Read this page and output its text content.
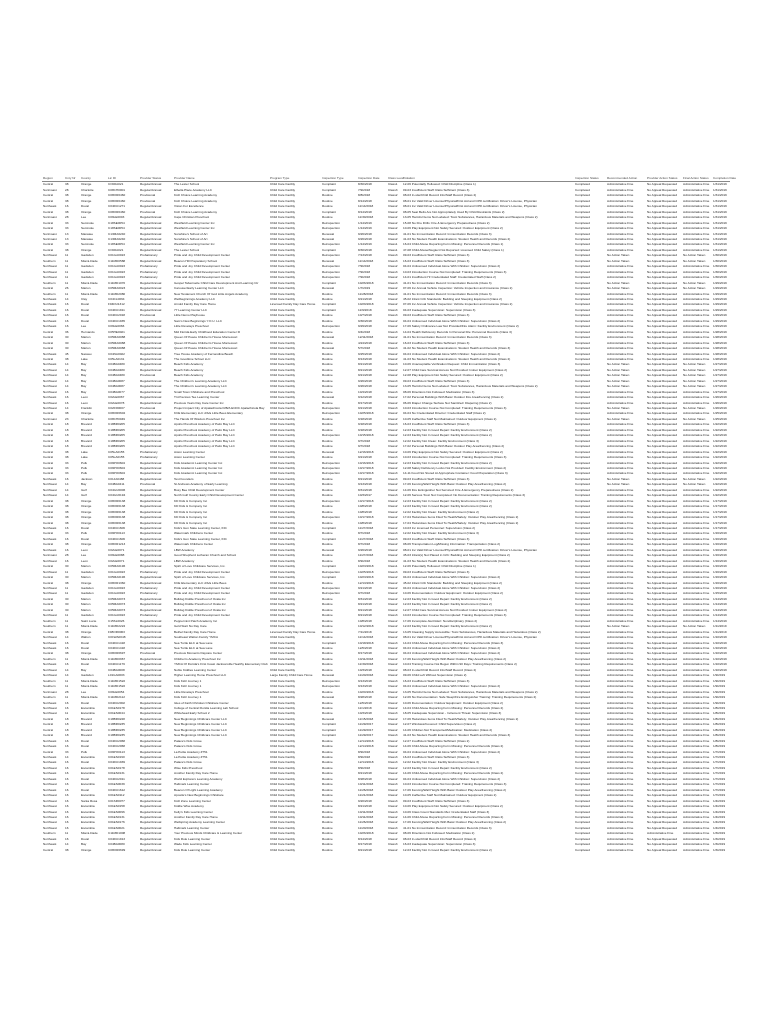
Region	Cnty Nr	County	Lic ID	Provider Status	Provider Name	Program Type	Inspection Type	Inspection Date	Class Level	Violation	Inspection Status	Recommended Action	Provider Action Status	Final Action Status	Completion Date
Central	38	Orange	CO00A021	Regular/Annual	The Lester School	Child Care Facility	Complaint	8/30/2018	Class1	12-06 Potentially Hollowed: Child Discipline (Class 1)	Completed	Administrative Fine	No Appeal Requested	Administrative Fine	1/31/2019
SunCoast	28	Charlotte	C08CH0001	Regular/Annual	Elbella Place Academy LLC	Child Care Facility	Complaint	7/9/2018	Class3	09-03 Insufficient Staff: Ratio Sufficient (Class 3)	Completed	Administrative Fine	No Appeal Requested	Administrative Fine	1/31/2019
Central	38	Orange	C08OR0460	Provisional	Kidz Choice Learning Academy	Child Care Facility	Routine	8/8/2018	Class2	08-03 In-site/Child Record Info/Staff Record (Class 2)	Completed	Administrative Fine	No Appeal Requested	Administrative Fine	1/31/2019
Central	38	Orange	C08OR0460	Provisional	Kidz Choice Learning Academy	Child Care Facility	Routine	8/14/2018	Class2	08-01 Inc Valid Driver License/Physical/First Aid and CPR certification: Driver's License, Physician	Completed	Administrative Fine	No Appeal Requested	Administrative Fine	1/31/2019
Northeast	16	Duval	C04DU1271	Regular/Annual	Vision For Excellence	Child Care Facility	Routine	11/14/2018	Class2	08-01 Inc Valid Driver License/Physical/First Aid and CPR certification: Driver's License, Physician	Completed	Administrative Fine	No Appeal Requested	Administrative Fine	1/31/2019
Central	38	Orange	C08OR0460	Provisional	Kidz Choice Learning Academy	Child Care Facility	Complaint	8/14/2018	Class2	08-05 Seat Belts Are Not Appropriately Used By Child Restraints (Class 2)	Completed	Administrative Fine	No Appeal Requested	Administrative Fine	1/31/2019
SunCoast	28	Lee	C09LE0003	Regular/Annual	Cape Christian Preschool	Child Care Facility	Routine	11/30/2018	Class2	13-05 Harmful Items Not Labeled: Toxic Substances, Hazardous Materials and Weapons (Class 2)	Completed	Administrative Fine	No Appeal Requested	Administrative Fine	1/31/2019
Central	33	Seminole	C18SE0054	Regular/Annual	Westfield Learning Center Inc	Child Care Facility	Reinspection	1/14/2019	Class2	15-08 No Fire Drills: Fire & Emergency Preparedness (Class 2)	Completed	Administrative Fine	No Appeal Requested	Administrative Fine	1/31/2019
Central	33	Seminole	C18SE0054	Regular/Annual	Westfield Learning Center Inc	Child Care Facility	Reinspection	1/14/2019	Class2	10-06 Play Equipment Not Safely Secured: Outdoor Equipment (Class 2)	Completed	Administrative Fine	No Appeal Requested	Administrative Fine	1/31/2019
SunCoast	13	Manatee	C13MA0240	Regular/Annual	Sunshine's School of Art	Child Care Facility	Renewal	9/26/2018	Class3	41-01 No Immunization Record: Immunization Records (Class 3)	Completed	Administrative Fine	No Appeal Requested	Administrative Fine	1/31/2019
SunCoast	13	Manatee	C13MA0240	Regular/Annual	Sunshine's School of Art	Child Care Facility	Renewal	9/26/2018	Class2	41-03 No Student Health Examinations: Student Health and Records (Class 2)	Completed	Administrative Fine	No Appeal Requested	Administrative Fine	1/31/2019
Central	33	Seminole	C18SE0054	Regular/Annual	Westfield Learning Center Inc	Child Care Facility	Reinspection	1/14/2019	Class1	16-04 Child Abuse Reporting Form Missing: Personnel Records (Class 1)	Completed	Administrative Fine	No Appeal Requested	Administrative Fine	1/31/2019
Central	38	Orange	CO00A021	Regular/Annual	The Lester School	Child Care Facility	Complaint	8/30/2018	Class1	47-08 Child Abuse/Neglect Not Reported: Licensed Child Safety (Class 1)	Completed	Administrative Fine	No Appeal Requested	Administrative Fine	1/31/2019
Northwest	11	Gadsden	C01GA0023	Probationary	Pride and Joy Child Development Center	Child Care Facility	Reinspection	7/13/2018	Class3	09-03 Insufficient Staff: Ratio Sufficient (Class 3)	Completed	No Action Taken	No Appeal Requested	No Action Taken	1/30/2019
Southern	11	Miami-Dade	C11MD0588	Regular/Annual	Beacon Hill Preparatory School	Child Care Facility	Renewal	11/14/2018	Class3	16-03 Insufficient Staff: Ratio Sufficient (Class 3)	Completed	No Action Taken	No Appeal Requested	No Action Taken	1/30/2019
Northwest	11	Gadsden	C01GA0023	Probationary	Pride and Joy Child Development Center	Child Care Facility	Reinspection	7/9/2018	Class2	04-04 Unlicensed Individual Alone With Children: Supervision (Class 2)	Completed	Administrative Fine	No Appeal Requested	Administrative Fine	1/30/2019
Northwest	11	Gadsden	C01GA0023	Probationary	Pride and Joy Child Development Center	Child Care Facility	Reinspection	7/9/2018	Class3	10-03 Introduction Course Not Completed: Training Requirements (Class 3)	Completed	Administrative Fine	No Appeal Requested	Administrative Fine	1/30/2019
Northwest	11	Gadsden	C01GA0023	Probationary	Pride and Joy Child Development Center	Child Care Facility	Reinspection	7/9/2018	Class2	14-01 Insufficient Hr Credentialed Staff: Credentialed Staff (Class 2)	Completed	Administrative Fine	No Appeal Requested	Administrative Fine	1/30/2019
Southern	11	Miami-Dade	C11MD1070	Regular/Annual	Gospel Tabernacle Child Care Development And Learning Ctr	Child Care Facility	Complaint	10/26/2018	Class3	41-01 No Immunization Record: Immunization Records (Class 3)	Completed	No Action Taken	No Appeal Requested	No Action Taken	1/29/2019
Central	26	Marion	C05MA0023	Regular/Annual	Carousel Early Learning Center LLC	Child Care Facility	Renewal	1/7/2019	Class2	07-06 Inc Annual Vehicle Inspection: Vehicle Inspection and Insurance (Class 2)	Completed	No Action Taken	No Appeal Requested	No Action Taken	1/29/2019
Southern	11	Miami-Dade	C11MD2080	Regular/Annual	New Testament Church Of God Little Angels Academy	Child Care Facility	Routine	11/28/2018	Class3	41-01 No Immunization Record: Immunization Records (Class 3)	Completed	Administrative Fine	No Appeal Requested	Administrative Fine	1/29/2019
Northeast	14	Clay	C04CL0064	Regular/Annual	Wellbeginnings Academy LLC	Child Care Facility	Routine	9/21/2018	Class2	45-02 Infant Crib Standards: Bedding and Sleeping Equipment (Class 2)	Completed	Administrative Fine	No Appeal Requested	Administrative Fine	1/29/2019
Northeast	16	Duval	F04DU1312	Regular/Annual	Arnold Family Day Care Home	Licensed Family Day Care Home	Complaint	10/29/2018	Class2	07-06 Inc Annual Vehicle Inspection: Vehicle Inspection and Insurance (Class 2)	Completed	Administrative Fine	No Appeal Requested	Administrative Fine	1/29/2019
Northeast	16	Duval	C04DU1911	Regular/Annual	77 Learning Center LLC	Child Care Facility	Complaint	11/9/2018	Class3	04-03 Inadequate Supervision: Supervision (Class 3)	Completed	Administrative Fine	No Appeal Requested	Administrative Fine	1/29/2019
Northwest	16	Duval	C04DU2018	Provisional	Little Nemo Playhouse	Child Care Facility	Routine	10/7/2018	Class3	09-03 Insufficient Staff: Ratio Sufficient (Class 3)	Completed	Administrative Fine	No Appeal Requested	Administrative Fine	1/29/2019
Northeast	16	Duval	C04DU1935	Regular/Annual	Sam's New Beginnings Y.O.U. LLC	Child Care Facility	Routine	9/30/2018	Class2	04-04 Unlicensed Individual Alone With Children: Supervision (Class 2)	Completed	Administrative Fine	No Appeal Requested	Administrative Fine	1/29/2019
Northeast	16	Lee	C09LE0066	Regular/Annual	Little Revelays Preschool	Child Care Facility	Reinspection	9/29/2018	Class2	17-06 Safety Ordinance Law Not Provided/Fire Alarm: Facility Environment (Class 2)	Completed	Administrative Fine	No Appeal Requested	Administrative Fine	1/29/2019
Central	36	Hernando	C05HE0021	Regular/Annual	Mid Florida Early Childhood Education Center III	Child Care Facility	Routine	9/4/2018	Class3	14-04 Health Deficiency Records In Personal File: Personnel Records (Class 3)	Completed	Administrative Fine	No Appeal Requested	Administrative Fine	1/28/2019
Central	30	Marion	C05MA0088	Regular/Annual	Queen Of Peace Children's House Montessori	Child Care Facility	Renewal	12/11/2018	Class2	41-01 No Immunization Record: Immunization Records (Class 3)	Completed	Administrative Fine	No Appeal Requested	Administrative Fine	1/28/2019
Central	30	Marion	C05MA0088	Regular/Annual	Queen Of Peace Children's House Montessori	Child Care Facility	Routine	4/24/2018	Class2	16-03 Insufficient Staff: Ratio Sufficient (Class 3)	Completed	Administrative Fine	No Appeal Requested	Administrative Fine	1/28/2019
Central	30	Marion	C05MA0088	Regular/Annual	Queen Of Peace Children's House Montessori	Child Care Facility	Renewal	5/7/2018	Class3	41-02 No Student Health Examinations: Student Health and Records (Class 3)	Completed	Administrative Fine	No Appeal Requested	Administrative Fine	1/28/2019
Northeast	45	Nassau	C04NA0022	Regular/Annual	Tree House Academy of Fernandina Beach	Child Care Facility	Routine	9/25/2018	Class2	04-04 Unlicensed Individual Alone With Children: Supervision (Class 2)	Completed	Administrative Fine	No Appeal Requested	Administrative Fine	1/28/2019
Central	38	Lake	C05LA0131	Regular/Annual	The Goodtime School LLC	Child Care Facility	Routine	8/13/2018	Class2	41-03 No Student Health Examinations: Student Health and Records (Class 2)	Completed	Administrative Fine	No Appeal Requested	Administrative Fine	1/28/2019
Northeast	14	Bay	C04BA0480	Regular/Annual	Beach Kids Academy	Child Care Facility	Routine	8/21/2018	Class3	10-06 Unacceptable Verification Request: Child Immunization (Class 3)	Completed	No Action Taken	No Appeal Requested	No Action Taken	1/27/2019
Northwest	14	Bay	C04BA0480	Regular/Annual	Beach Kids Academy	Child Care Facility	Routine	8/21/2018	Class2	12-07 Child Care Survival Access Not Provided: Indoor Equipment (Class 2)	Completed	No Action Taken	No Appeal Requested	No Action Taken	1/27/2019
Northwest	14	Bay	C04BA0480	Provisional	Beach Kids Academy	Child Care Facility	Routine	9/21/2018	Class2	12-08 Play Equipment Not Safely Secured: Outdoor Equipment (Class 2)	Completed	No Action Taken	No Appeal Requested	No Action Taken	1/27/2019
Northwest	14	Bay	C04BA0087	Regular/Annual	The Children's Learning Academy LLC	Child Care Facility	Routine	9/26/2018	Class3	09-03 Insufficient Staff: Ratio Sufficient (Class 3)	Completed	No Action Taken	No Appeal Requested	No Action Taken	1/27/2019
Northwest	14	Bay	C04BA0087	Regular/Annual	The Children's Learning Academy LLC	Child Care Facility	Routine	9/26/2018	Class2	13-05 Harmful Items Not Labeled: Toxic Substances, Hazardous Materials and Weapons (Class 2)	Completed	No Action Taken	No Appeal Requested	No Action Taken	1/27/2019
Northwest	16	Bay	C04BA0077	Regular/Annual	Small Town Childcare and Preschool	Child Care Facility	Routine	10/4/2018	Class3	08-06 Directions Not Followed: Medication (Class 3)	Completed	Administrative Fine	No Appeal Requested	Administrative Fine	1/27/2019
Northeast	16	Leon	C02LE0067	Regular/Annual	Tri-Precious Tee Learning Center	Child Care Facility	Renewal	9/12/2018	Class2	17-02 Personal Buildings With Basic Outdoor Fire Area/Fencing (Class 2)	Completed	Administrative Fine	No Appeal Requested	Administrative Fine	1/26/2019
Northwest	16	Leon	C02LE0078	Regular/Annual	Precious Years Day Care Center Inc	Child Care Facility	Routine	8/17/2018	Class2	06-06 Diaper Change Surface Not Sanitized: Diapering (Class 2)	Completed	Administrative Fine	No Appeal Requested	Administrative Fine	1/26/2019
Northwest	14	Franklin	C02FR0007	Provisional	Project Impact City of Apalachicola D/B/A ECDC Apalachicola Bay	Child Care Facility	Reinspection	9/21/2018	Class3	10-03 Introduction Course Not Completed: Training Requirements (Class 3)	Completed	No Action Taken	No Appeal Requested	No Action Taken	1/26/2019
Central	38	Orange	C08OR0602	Regular/Annual	KCE Elementary LLC d/b/a Little Bees Elementary	Child Care Facility	Reinspection	10/25/2018	Class2	04-04 No Credentialed Director: Credentialed Staff (Class 2)	Completed	Administrative Fine	No Appeal Requested	Administrative Fine	1/25/2019
SunCoast	23	Charlotte	C08CH0049	Regular/Annual	The Hands Of Wisdom Preschool Inc	Child Care Facility	Routine	9/18/2018	Class2	10-05 Inaffective Staff Not Maintained: Outdoor Equipment (Class 2)	Completed	No Action Taken	No Appeal Requested	No Action Taken	1/25/2019
Central	18	Brevard	C18BR0205	Regular/Annual	Apollo Preschool Academy of Palm Bay LLC	Child Care Facility	Routine	9/18/2018	Class3	16-03 Insufficient Staff: Ratio Sufficient (Class 3)	Completed	Administrative Fine	No Appeal Requested	Administrative Fine	1/22/2019
Central	18	Brevard	C18BR0205	Regular/Annual	Apollo Preschool Academy of Palm Bay LLC	Child Care Facility	Routine	9/18/2018	Class2	12-03 Facility Not In Good Repair: Facility Environment (Class 2)	Completed	Administrative Fine	No Appeal Requested	Administrative Fine	1/22/2019
Central	18	Brevard	C18BR0205	Regular/Annual	Apollo Preschool Academy of Palm Bay LLC	Child Care Facility	Reinspection	10/15/2018	Class2	12-03 Facility Not In Good Repair: Facility Environment (Class 2)	Completed	Administrative Fine	No Appeal Requested	Administrative Fine	1/22/2019
Central	18	Brevard	C18BR0205	Regular/Annual	Apollo Preschool Academy of Palm Bay LLC	Child Care Facility	Routine	9/7/2018	Class3	12-02 Facility Not Clean: Facility Environment (Class 3)	Completed	Administrative Fine	No Appeal Requested	Administrative Fine	1/22/2019
Central	18	Brevard	C18BR0205	Regular/Annual	Apollo Preschool Academy of Palm Bay LLC	Child Care Facility	Routine	9/7/2018	Class2	17-02 Personal Buildings With Basic Outdoor Play Area/Fencing (Class 2)	Completed	Administrative Fine	No Appeal Requested	Administrative Fine	1/22/2019
Central	38	Lake	C05LA0155	Probationary	Aston Learning Center	Child Care Facility	Renewal	12/16/2018	Class2	10-06 Play Equipment Not Safely Secured: Outdoor Equipment (Class 2)	Completed	Administrative Fine	No Appeal Requested	Administrative Fine	1/22/2019
Central	38	Lake	C05LA0155	Probationary	Aston Learning Center	Child Care Facility	Routine	9/21/2018	Class3	10-03 Introduction Course Not Completed: Training Requirements (Class 3)	Completed	Administrative Fine	No Appeal Requested	Administrative Fine	1/22/2019
Central	33	Polk	C09PO0604	Regular/Annual	Kids Academic Learning Center Inc	Child Care Facility	Reinspection	10/16/2018	Class2	12-03 Facility Not In Good Repair: Facility Environment (Class 2)	Completed	Administrative Fine	No Appeal Requested	Administrative Fine	1/22/2019
Central	33	Polk	C09PO0604	Regular/Annual	Kids Academic Learning Center Inc	Child Care Facility	Reinspection	10/17/2018	Class2	12-08 Safety Deficiency Locks Not Provided: Facility Environment (Class 2)	Completed	Administrative Fine	No Appeal Requested	Administrative Fine	1/22/2019
Central	33	Polk	C09PO0604	Regular/Annual	Kids Academic Learning Center Inc	Child Care Facility	Reinspection	10/17/2018	Class3	14-11 Food Not Stored At Appropriate Container: Food Preparation (Class 3)	Completed	Administrative Fine	No Appeal Requested	Administrative Fine	1/22/2019
Northeast	16	Jackson	C01JA0488	Regular/Annual	Test Founders	Child Care Facility	Routine	8/21/2018	Class3	09-03 Insufficient Staff: Ratio Sufficient (Class 3)	Completed	No Action Taken	No Appeal Requested	No Action Taken	1/22/2019
Northwest	14	Bay	C04BA0411	Provisional	St Andrews Academy of Early Learning	Child Care Facility	Routine	9/13/2018	Class2	17-06 Fencing/Wall Height With Basic Outdoor Play Area/Fencing (Class 2)	Completed	No Action Taken	No Appeal Requested	No Action Taken	1/22/2019
Northwest	14	Gulf	C04GU0006	Regular/Annual	Busy Bee Child Development Center	Child Care Facility	Routine	8/31/2018	Class2	14-06 Fire Extinguisher Not Serviced: Fire & Emergency Preparedness (Class 2)	Completed	Administrative Fine	No Appeal Requested	Administrative Fine	1/22/2019
Northwest	14	Gulf	C04GU0194	Regular/Annual	North Gulf County Early Child Development Center	Child Care Facility	Routine	10/3/2017	Class3	12-06 Serious Toxic Not Completed: No Documentation: Training Requirements (Class 3)	Completed	Administrative Fine	No Appeal Requested	Administrative Fine	1/22/2019
Central	38	Orange	C08OR0138	Regular/Annual	KD Kids & Company Inc	Child Care Facility	Reinspection	10/17/2018	Class2	12-03 Facility Not In Good Repair: Facility Environment (Class 2)	Completed	Administrative Fine	No Appeal Requested	Administrative Fine	1/17/2019
Central	38	Orange	C08OR0138	Regular/Annual	KD Kids & Company Inc	Child Care Facility	Routine	10/8/2018	Class2	12-03 Facility Not In Good Repair: Facility Environment (Class 2)	Completed	Administrative Fine	No Appeal Requested	Administrative Fine	1/17/2019
Central	38	Orange	C08OR0138	Regular/Annual	KD Kids & Company Inc	Child Care Facility	Routine	10/8/2018	Class2	12-02 Facility Not Clean: Facility Environment (Class 2)	Completed	Administrative Fine	No Appeal Requested	Administrative Fine	1/17/2019
Central	38	Orange	C08OR0138	Regular/Annual	KD Kids & Company Inc	Child Care Facility	Reinspection	10/17/2018	Class2	17-04 Hazardous Items Filed To Health/Safety: Outdoor Play Area/Fencing (Class 2)	Completed	Administrative Fine	No Appeal Requested	Administrative Fine	1/17/2019
Central	38	Orange	C08OR0138	Regular/Annual	KD Kids & Company Inc	Child Care Facility	Routine	10/8/2018	Class2	17-04 Hazardous Items Filed To Health/Safety: Outdoor Play Area/Fencing (Class 2)	Completed	Administrative Fine	No Appeal Requested	Administrative Fine	1/17/2019
Northeast	16	Duval	C04DU1606	Regular/Annual	Kids's Gun State Learning Center, INC	Child Care Facility	Complaint	11/27/2018	Class2	10-03 Inc Licensed Personnel: Supervision (Class 2)	Completed	Administrative Fine	No Appeal Requested	Administrative Fine	1/17/2019
Central	33	Polk	C09PO0113	Regular/Annual	Watermark Childrens Center	Child Care Facility	Routine	8/7/2018	Class3	12-02 Facility Not Clean: Facility Environment (Class 3)	Completed	Administrative Fine	No Appeal Requested	Administrative Fine	1/16/2019
Northeast	16	Duval	C04DU1606	Regular/Annual	Kids's Gun State Learning Center, INC	Child Care Facility	Complaint	11/27/2018	Class3	09-03 Insufficient Staff: Ratio Sufficient (Class 3)	Completed	Administrative Fine	No Appeal Requested	Administrative Fine	1/16/2019
Central	38	Orange	C08OR1213	Regular/Annual	Watermark Childrens Center	Child Care Facility	Routine	8/7/2018	Class2	08-06 Transportation Log/Missing Information: Transportation (Class 2)	Completed	Administrative Fine	No Appeal Requested	Administrative Fine	1/16/2019
Northeast	16	Leon	C02LE0071	Regular/Annual	LBW Academy	Child Care Facility	Renewal	9/26/2018	Class2	08-01 Inc Valid Driver License/Physical/First Aid and CPR certification: Driver's License, Physician	Completed	Administrative Fine	No Appeal Requested	Administrative Fine	1/16/2019
SunCoast	28	Lee	C09LE0088	Regular/Annual	Good Shepherd Lutheran Church and School	Child Care Facility	Routine	11/27/2018	Class2	45-03 Infant(s) Not Placed in Crib: Bedding and Sleeping Equipment (Class 2)	Completed	Administrative Fine	No Appeal Requested	Administrative Fine	1/16/2019
Northwest	16	Leon	C02LE0071	Regular/Annual	LBW Academy	Child Care Facility	Routine	8/9/2018	Class2	41-03 No Student Health Examinations: Student Health and Records (Class 2)	Completed	Administrative Fine	No Appeal Requested	Administrative Fine	1/16/2019
Central	30	Marion	C05MA0196	Regular/Annual	Spirit of Love Childcare Services, Inc.	Child Care Facility	Complaint	10/23/2018	Class1	12-06 Potentially Hollowed: Child Discipline (Class 1)	Completed	Administrative Fine	No Appeal Requested	Administrative Fine	1/16/2019
Northwest	11	Gadsden	C01GA0023	Probationary	Pride and Joy Child Development Center	Child Care Facility	Reinspection	10/25/2018	Class3	09-03 Insufficient Staff: Ratio Sufficient (Class 3)	Completed	Administrative Fine	No Appeal Requested	Administrative Fine	1/16/2019
Central	30	Marion	C05MA0196	Regular/Annual	Spirit of Love Childcare Services, Inc.	Child Care Facility	Complaint	10/23/2018	Class2	04-04 Unlicensed Individual Alone With Children: Supervision (Class 2)	Completed	Administrative Fine	No Appeal Requested	Administrative Fine	1/16/2019
Central	38	Orange	C08OR1360	Regular/Annual	KCE Elementary LLC d/b/a Little Bees	Child Care Facility	Routine	12/13/2018	Class2	45-02 Infant Crib Standards: Bedding and Sleeping Equipment (Class 2)	Completed	Administrative Fine	No Appeal Requested	Administrative Fine	1/16/2019
Northwest	11	Gadsden	C01GA0023	Probationary	Pride and Joy Child Development Center	Child Care Facility	Reinspection	9/21/2018	Class2	04-04 Unlicensed Individual Alone With Children: Supervision (Class 2)	Completed	Administrative Fine	No Appeal Requested	Administrative Fine	1/16/2019
Northwest	11	Gadsden	C01GA0023	Probationary	Pride and Joy Child Development Center	Child Care Facility	Reinspection	9/7/2018	Class2	10-06 Documentation: Outdoor Equipment: Outdoor Equipment (Class 2)	Completed	Administrative Fine	No Appeal Requested	Administrative Fine	1/15/2019
Central	30	Marion	C05MA0073	Regular/Annual	Bulldog Kiddie Preschool of Ocala Inc	Child Care Facility	Routine	8/31/2018	Class2	12-03 Facility Not In Good Repair: Facility Environment (Class 2)	Completed	Administrative Fine	No Appeal Requested	Administrative Fine	1/14/2019
Central	30	Marion	C05MA0073	Regular/Annual	Bulldog Kiddie Preschool of Ocala Inc	Child Care Facility	Routine	8/21/2018	Class2	12-03 Facility Not In Good Repair: Facility Environment (Class 2)	Completed	Administrative Fine	No Appeal Requested	Administrative Fine	1/14/2019
Central	30	Marion	C05MA0073	Regular/Annual	Bulldog Kiddie Preschool of Ocala Inc	Child Care Facility	Routine	8/21/2018	Class2	12-07 Child Care Survival Access Not Provided: Indoor Equipment (Class 2)	Completed	Administrative Fine	No Appeal Requested	Administrative Fine	1/14/2019
Northwest	11	Gadsden	C01GA0023	Probationary	Pride and Joy Child Development Center	Child Care Facility	Routine	8/21/2018	Class3	10-03 Introduction Course Not Completed: Training Requirements (Class 3)	Completed	Administrative Fine	No Appeal Requested	Administrative Fine	1/14/2019
Southern	11	Saint Lucie	C15SL0026	Regular/Annual	Peppermint Patch Academy Inc	Child Care Facility	Routine	10/8/2018	Class2	17-06 Incomplete Alert/Alert: Nondisciplinary (Class 2)	Completed	Administrative Fine	No Appeal Requested	Administrative Fine	1/14/2019
Southern	11	Miami-Dade	C11MD2224	Regular/Annual	Gold Start Nu Day Care	Child Care Facility	Routine	10/12/2018	Class2	12-03 Facility Not In Good Repair: Facility Environment (Class 2)	Completed	No Action Taken	No Appeal Requested	No Action Taken	1/11/2019
Central	38	Orange	F08OR0063	Regular/Annual	Bethel Family Day Care Home	Licensed Family Day Care Home	Routine	7/11/2018	Class2	13-05 Cleaning Supply Accessible: Toxic Substances, Hazardous Materials and Hazardous (Class 2)	Completed	Administrative Fine	No Appeal Requested	Administrative Fine	1/11/2019
Northwest	14	Walton	C01WA0048	Regular/Annual	Southeast Walton Family YMCA	Child Care Facility	Routine	11/14/2018	Class2	08-01 Inc Valid Driver License/Physical/First Aid and CPR certification: Driver's License, Physician	Completed	Administrative Fine	No Appeal Requested	Administrative Fine	1/10/2019
Northeast	16	Duval	C04DU1418	Regular/Annual	Sea Turtle ELC at Sea Lane	Child Care Facility	Complaint	10/18/2018	Class3	14-04 Child Abuse Reporting Form Missing: Personnel Records (Class 3)	Completed	Administrative Fine	No Appeal Requested	Administrative Fine	1/10/2019
Northeast	16	Duval	C04DU1418	Regular/Annual	Sea Turtle ELC at Sea Lane	Child Care Facility	Routine	12/6/2018	Class2	04-04 Unlicensed Individual Alone With Children: Supervision (Class 2)	Completed	Administrative Fine	No Appeal Requested	Administrative Fine	1/10/2019
Central	38	Orange	C08OR0697	Provisional	Precious Moments Daycare Center	Child Care Facility	Routine	8/17/2018	Class2	04-04 Unlicensed Individual Alone With Children: Supervision (Class 2)	Completed	Administrative Fine	No Appeal Requested	Administrative Fine	1/10/2019
Southern	11	Miami-Dade	C11MD0967	Regular/Annual	Children's Academy Preschool Inc	Child Care Facility	Routine	10/11/2018	Class2	17-06 Fencing/Wall Height With Basic Outdoor Play Area/Fencing (Class 2)	Completed	Administrative Fine	No Appeal Requested	Administrative Fine	1/10/2019
Northeast	16	Duval	C04DU1179	Regular/Annual	YMCA Of Florida's First Coast Jacksonville Healthy Elementary Club	Child Care Facility	Routine	11/30/2018	Class2	10-04 Training Course Not Begun Within 90 Days: Training Requirements (Class 2)	Completed	Administrative Fine	No Appeal Requested	Administrative Fine	1/10/2019
Northwest	14	Bay	C04BA0008	Regular/Annual	Noble Kiddies Learning Center	Child Care Facility	Routine	10/3/2018	Class2	08-03 In-site/Child Record Info/Staff Record (Class 2)	Completed	Administrative Fine	No Appeal Requested	Administrative Fine	1/10/2019
Northwest	14	Gadsden	L01GA0003	Regular/Annual	Higher Learning Home Preschool LLC	Large Family Child Care Home	Renewal	11/20/2018	Class2	09-06 Child Left Without Supervision (Class 2)	Completed	Administrative Fine	No Appeal Requested	Administrative Fine	1/9/2019
Southern	11	Miami-Dade	C11MD1522	Regular/Annual	Kids Kidz Journey 1	Child Care Facility	Reinspection	9/13/2018	Class3	16-03 Insufficient Staff: Ratio Sufficient (Class 3)	Completed	Administrative Fine	No Appeal Requested	Administrative Fine	1/9/2019
Southern	11	Miami-Dade	C11MD1522	Regular/Annual	Kids Kidz Journey 1	Child Care Facility	Reinspection	9/13/2018	Class2	04-04 Unlicensed Individual Alone With Children: Supervision (Class 2)	Completed	Administrative Fine	No Appeal Requested	Administrative Fine	1/9/2019
SunCoast	28	Lee	C09LE0054	Regular/Annual	Little Revelays Preschool	Child Care Facility	Routine	10/20/2018	Class2	13-05 Harmful Items Not Labeled: Toxic Substances, Hazardous Materials and Weapons (Class 2)	Completed	Administrative Fine	No Appeal Requested	Administrative Fine	1/9/2019
Southern	11	Miami-Dade	C11MD2112	Regular/Annual	Kids Kidz Journey 1	Child Care Facility	Renewal	8/28/2018	Class2	12-06 No Documentation: Safe Sleep/Fire Extinguisher Training: Training Requirements (Class 2)	Completed	Administrative Fine	No Appeal Requested	Administrative Fine	1/9/2019
Northeast	16	Duval	C04DU2002	Regular/Annual	Isles of Faith Christian Childcare Center	Child Care Facility	Routine	12/6/2018	Class2	10-06 Documentation: Outdoor Equipment: Outdoor Equipment (Class 2)	Completed	Administrative Fine	No Appeal Requested	Administrative Fine	1/9/2019
Northwest	16	Escambia	C01ES0178	Regular/Annual	College of Central Florida Learning Lab School	Child Care Facility	Routine	11/1/2018	Class2	14-04 Child Abuse Reporting Form Missing: Personnel Records (Class 2)	Completed	Administrative Fine	No Appeal Requested	Administrative Fine	1/8/2019
Northwest	11	Escambia	C01ES0044	Regular/Annual	Whitehead Early School 2	Child Care Facility	Routine	10/3/2018	Class3	18-05 Inadequate Supervision - Inclement Threat: Supervision (Class 3)	Completed	Administrative Fine	No Appeal Requested	Administrative Fine	1/8/2019
Central	18	Brevard	C18BR0248	Regular/Annual	New Beginnings Childcare Center LLC	Child Care Facility	Renewal	11/15/2018	Class2	17-06 Hazardous Items Filed To Health/Safety: Outdoor Play Area/Fencing (Class 2)	Completed	Administrative Fine	No Appeal Requested	Administrative Fine	1/8/2019
Central	18	Brevard	C18BR0235	Regular/Annual	New Beginnings Childcare Center LLC	Child Care Facility	Complaint	11/29/2017	Class2	12-07 Windows/Covered: Child Supervision (Class 2)	Completed	Administrative Fine	No Appeal Requested	Administrative Fine	1/8/2019
Central	18	Brevard	C18BR0235	Regular/Annual	New Beginnings Childcare Center LLC	Child Care Facility	Complaint	11/29/2017	Class2	14-06 Children Not Transported/Medication: Medication (Class 2)	Completed	Administrative Fine	No Appeal Requested	Administrative Fine	1/8/2019
Central	18	Brevard	C18BR0235	Regular/Annual	New Beginnings Childcare Center LLC	Child Care Facility	Complaint	11/29/2017	Class3	41-03 No Student Health Examinations: Student Health and Records (Class 3)	Completed	Administrative Fine	No Appeal Requested	Administrative Fine	1/8/2019
Northeast	16	Duval	C04DU2068	Regular/Annual	Palace's Kids Grove	Child Care Facility	Routine	12/14/2018	Class2	12-07 Insufficient Staff: Ratio Sufficient (Class 2)	Completed	Administrative Fine	No Appeal Requested	Administrative Fine	1/8/2019
Northeast	16	Duval	C04DU2068	Regular/Annual	Palace's Kids Grove	Child Care Facility	Routine	12/14/2018	Class2	14-06 Child Abuse Reporting Form Missing: Personnel Records (Class 2)	Completed	Administrative Fine	No Appeal Requested	Administrative Fine	1/8/2019
Central	33	Polk	C09PO0113	Regular/Annual	La Petite Academy #751	Child Care Facility	Routine	8/9/2018	Class2	04-04 Unlicensed Individual Alone With Children: Supervision (Class 2)	Completed	Administrative Fine	No Appeal Requested	Administrative Fine	1/7/2019
Northeast	14	Escambia	C01ES0190	Regular/Annual	La Petite Academy #751	Child Care Facility	Routine	8/9/2018	Class3	16-03 Insufficient Staff: Ratio Sufficient (Class 3)	Completed	Administrative Fine	No Appeal Requested	Administrative Fine	1/7/2019
Northeast	16	Duval	C04DU1939	Regular/Annual	Palace's Kids Grove	Child Care Facility	Routine	12/14/2018	Class3	12-02 Facility Not Clean: Facility Environment (Class 3)	Completed	Administrative Fine	No Appeal Requested	Administrative Fine	1/7/2019
Northwest	16	Escambia	C01ES0178	Regular/Annual	Wise Kids Preschool	Child Care Facility	Routine	8/9/2018	Class2	12-03 Facility Not In Good Repair: Facility Environment (Class 2)	Completed	Administrative Fine	No Appeal Requested	Administrative Fine	1/7/2019
Northeast	16	Escambia	C01ES0131	Regular/Annual	Another Family Day Care Home	Child Care Facility	Routine	8/21/2018	Class2	14-06 Child Abuse Reporting Form Missing: Personnel Records (Class 2)	Completed	Administrative Fine	No Appeal Requested	Administrative Fine	1/7/2019
Northeast	16	Duval	C04DU2011	Regular/Annual	World Explorers Learning Academy	Child Care Facility	Routine	8/28/2018	Class2	04-04 Unlicensed Individual Alone With Children: Supervision (Class 2)	Completed	Administrative Fine	No Appeal Requested	Administrative Fine	1/7/2019
Northwest	16	Escambia	C01ES0039	Regular/Annual	Hallmark Learning Center	Child Care Facility	Routine	10/11/2018	Class3	10-03 Introduction Course Not Completed: Training Requirements (Class 3)	Completed	Administrative Fine	No Appeal Requested	Administrative Fine	1/7/2019
Northeast	16	Duval	C04DU1612	Regular/Annual	Beacon Of Light Learning Academy	Child Care Facility	Routine	11/26/2018	Class2	17-06 Fencing/Wall Height With Basic Outdoor Play Area/Fencing (Class 2)	Completed	Administrative Fine	No Appeal Requested	Administrative Fine	1/7/2019
Northwest	16	Escambia	C01ES0112	Regular/Annual	Apostle's New Beginnings Childcare	Child Care Facility	Routine	11/21/2018	Class2	10-05 Inaffective Staff Not Maintained: Outdoor Equipment (Class 2)	Completed	Administrative Fine	No Appeal Requested	Administrative Fine	1/7/2019
Northwest	16	Santa Rosa	C01SR0077	Regular/Annual	Kidz Zone Learning Center	Child Care Facility	Routine	9/20/2018	Class3	09-03 Insufficient Staff: Ratio Sufficient (Class 3)	Completed	Administrative Fine	No Appeal Requested	Administrative Fine	1/4/2019
Northwest	16	Escambia	C01ES0158	Regular/Annual	Kiddie Wise Academy	Child Care Facility	Routine	8/21/2018	Class2	10-06 Play Equipment Not Safely Secured: Outdoor Equipment (Class 2)	Completed	Administrative Fine	No Appeal Requested	Administrative Fine	1/4/2019
Northwest	16	Escambia	C01ES0096	Regular/Annual	Kelly's Kids Learning Center	Child Care Facility	Routine	10/11/2018	Class3	10-06 Class Count Standards Met: Credentialed Staff (Class 3)	Completed	Administrative Fine	No Appeal Requested	Administrative Fine	1/4/2019
Northwest	16	Escambia	C01ES0131	Regular/Annual	Another Family Day Care Home	Child Care Facility	Routine	10/11/2018	Class2	14-06 Child Abuse Reporting Form Missing: Personnel Records (Class 2)	Completed	Administrative Fine	No Appeal Requested	Administrative Fine	1/4/2019
Northwest	16	Escambia	C01ES0176	Regular/Annual	Wellspring Academy Learning Center	Child Care Facility	Routine	11/26/2018	Class2	17-06 Fencing/Wall Height With Basic Outdoor Play Area/Fencing (Class 2)	Completed	Administrative Fine	No Appeal Requested	Administrative Fine	1/4/2019
Northwest	16	Escambia	C01ES0021	Regular/Annual	Hallmark Learning Center	Child Care Facility	Routine	11/20/2018	Class3	41-01 No Immunization Record: Immunization Records (Class 3)	Completed	Administrative Fine	No Appeal Requested	Administrative Fine	1/4/2019
Southern	11	Miami-Dade	C11MD1008	Regular/Annual	Your Precious Minds Childcare & Learning Center	Child Care Facility	Routine	10/26/2018	Class2	08-06 Directions Not Followed: Medication (Class 2)	Completed	Administrative Fine	Administrative Fine	Administrative Fine	1/3/2019
Northeast	16	Duval	C04DU1913	Regular/Annual	Kids Rule Learning Center	Child Care Facility	Routine	8/14/2018	Class2	08-03 In-site/Child Record Info/Staff Record (Class 2)	Completed	Administrative Fine	No Appeal Requested	Administrative Fine	1/3/2019
Northeast	14	Bay	C04BA0080	Regular/Annual	Wade Kids Learning Center	Child Care Facility	Routine	8/17/2018	Class3	16-03 Inadequate Supervision: Supervision (Class 3)	Completed	Administrative Fine	No Appeal Requested	Administrative Fine	1/3/2019
Central	38	Orange	C08OR0699	Regular/Annual	Kids Rule Learning Center	Child Care Facility	Routine	8/21/2018	Class2	12-03 Facility Not In Good Repair: Facility Environment (Class 2)	Completed	Administrative Fine	No Appeal Requested	Administrative Fine	1/3/2019
